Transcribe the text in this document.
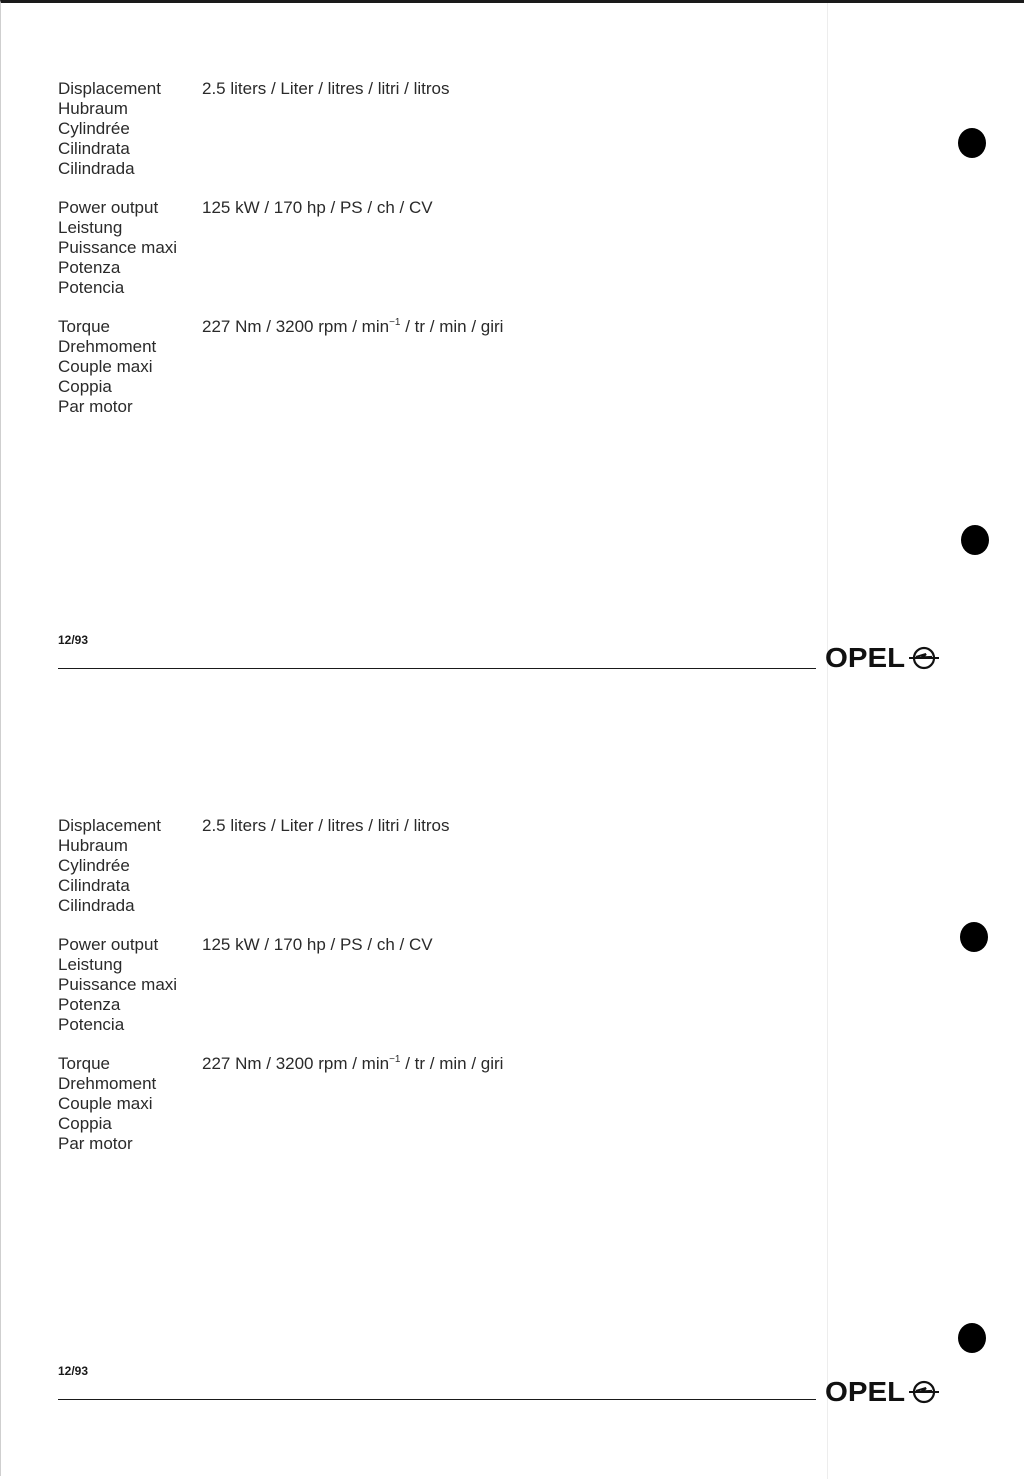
Displacement
Hubraum
Cylindrée
Cilindrata
Cilindrada
2.5 liters / Liter / litres / litri / litros
Power output
Leistung
Puissance maxi
Potenza
Potencia
125 kW / 170 hp / PS / ch / CV
Torque
Drehmoment
Couple maxi
Coppia
Par motor
227 Nm / 3200 rpm / $\min^{-1}$ / tr / min / giri
12/93
OPEL
Displacement
Hubraum
Cylindrée
Cilindrata
Cilindrada
2.5 liters / Liter / litres / litri / litros
Power output
Leistung
Puissance maxi
Potenza
Potencia
125 kW / 170 hp / PS / ch / CV
Torque
Drehmoment
Couple maxi
Coppia
Par motor
227 Nm / 3200 rpm / $\min^{-1}$ / tr / min / giri
12/93
OPEL
